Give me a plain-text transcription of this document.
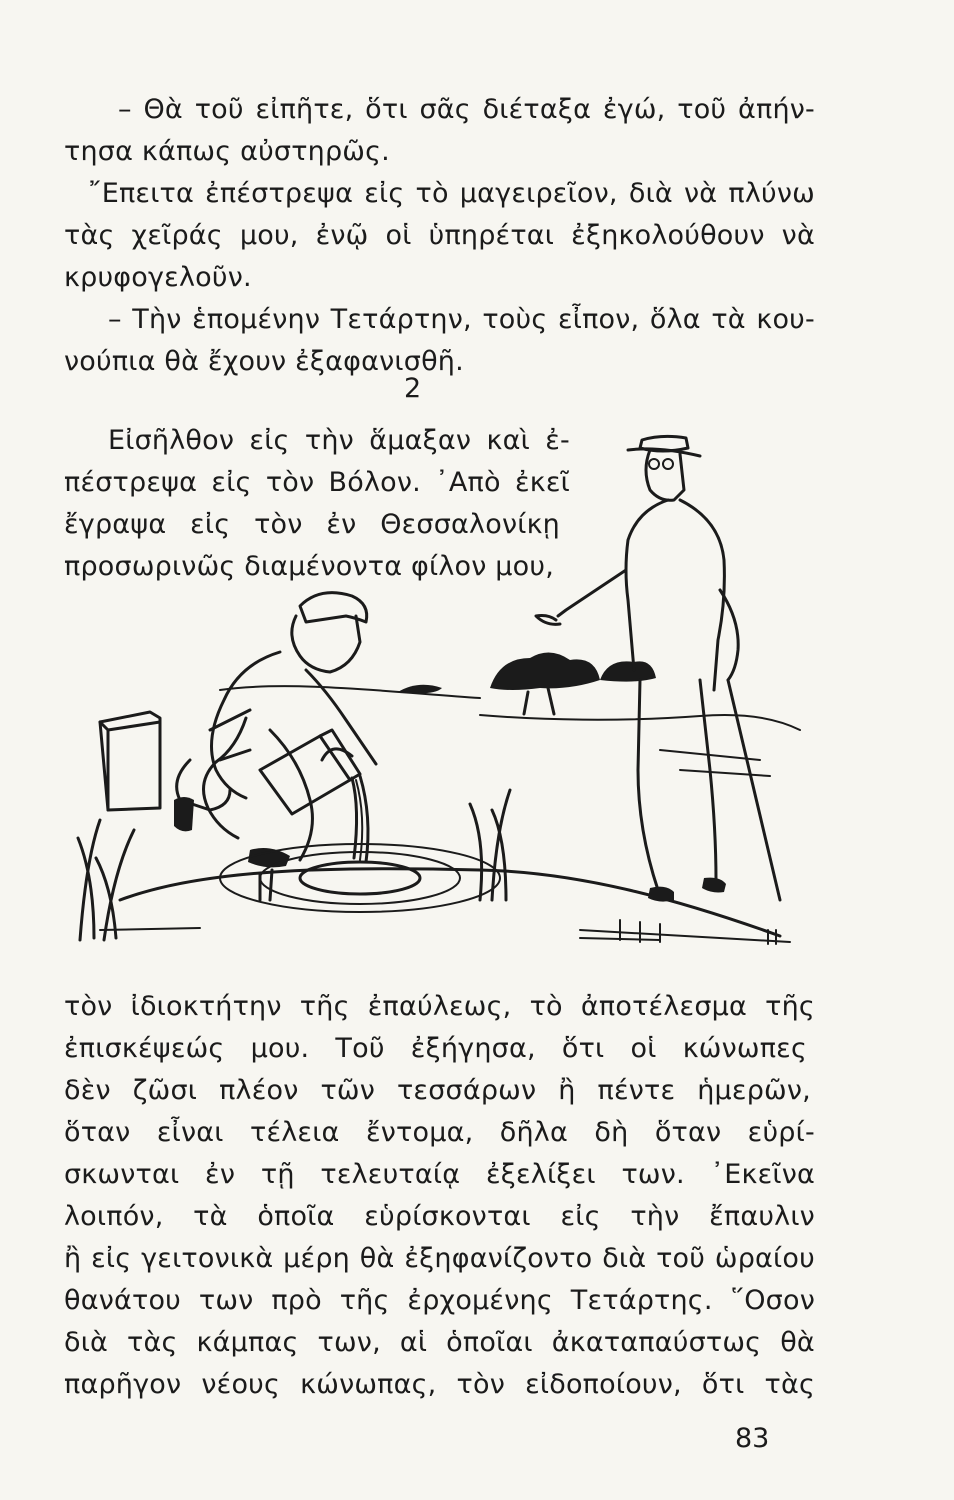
– Θὰ τοῦ εἰπῆτε, ὅτι σᾶς διέταξα ἐγώ, τοῦ ἀπήν-
τησα κάπως αὐστηρῶς.
῎Επειτα ἐπέστρεψα εἰς τὸ μαγειρεῖον, διὰ νὰ πλύνω
τὰς χεῖράς μου, ἐνῷ οἱ ὑπηρέται ἐξηκολούθουν νὰ
κρυφογελοῦν.
– Τὴν ἑπομένην Τετάρτην, τοὺς εἶπον, ὅλα τὰ κου-
νούπια θὰ ἔχουν ἐξαφανισθῆ.
2
Εἰσῆλθον εἰς τὴν ἅμαξαν καὶ ἐ-
πέστρεψα εἰς τὸν Βόλον. ᾿Απὸ ἐκεῖ
ἔγραψα εἰς τὸν ἐν Θεσσαλονίκῃ
προσωρινῶς διαμένοντα φίλον μου,
τὸν ἰδιοκτήτην τῆς ἐπαύλεως, τὸ ἀποτέλεσμα τῆς
ἐπισκέψεώς μου. Τοῦ ἐξήγησα, ὅτι οἱ κώνωπες
δὲν ζῶσι πλέον τῶν τεσσάρων ἢ πέντε ἡμερῶν,
ὅταν εἶναι τέλεια ἔντομα, δῆλα δὴ ὅταν εὑρί-
σκωνται ἐν τῇ τελευταίᾳ ἐξελίξει των. ᾿Εκεῖνα
λοιπόν, τὰ ὁποῖα εὑρίσκονται εἰς τὴν ἔπαυλιν
ἢ εἰς γειτονικὰ μέρη θὰ ἐξηφανίζοντο διὰ τοῦ ὡραίου
θανάτου των πρὸ τῆς ἐρχομένης Τετάρτης. ῞Οσον
διὰ τὰς κάμπας των, αἱ ὁποῖαι ἀκαταπαύστως θὰ
παρῆγον νέους κώνωπας, τὸν εἰδοποίουν, ὅτι τὰς
83
